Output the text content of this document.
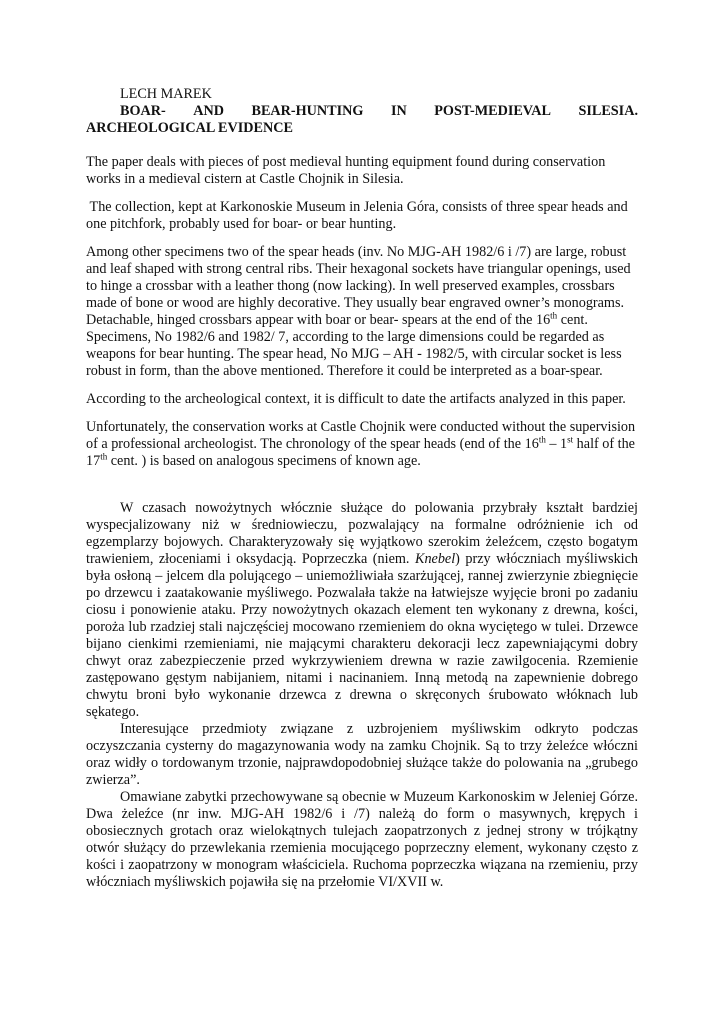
LECH MAREK

BOAR- AND BEAR-HUNTING IN POST-MEDIEVAL SILESIA.

ARCHEOLOGICAL EVIDENCE

The paper deals with pieces of post medieval hunting equipment found during conservation works in a medieval cistern at Castle Chojnik in Silesia.

The collection, kept at Karkonoskie Museum in Jelenia Góra, consists of three spear heads and one pitchfork, probably used for boar- or bear hunting.

Among other specimens two of the spear heads (inv. No MJG-AH 1982/6 i /7) are large, robust and leaf shaped with strong central ribs. Their hexagonal sockets have triangular openings, used to hinge a crossbar with a leather thong (now lacking). In well preserved examples, crossbars made of bone or wood are highly decorative. They usually bear engraved owner’s monograms. Detachable, hinged crossbars appear with boar or bear- spears at the end of the 16th cent. Specimens, No 1982/6 and 1982/ 7, according to the large dimensions could be regarded as weapons for bear hunting. The spear head, No MJG – AH - 1982/5, with circular socket is less robust in form, than the above mentioned. Therefore it could be interpreted as a boar-spear.

According to the archeological context, it is difficult to date the artifacts analyzed in this paper.

Unfortunately, the conservation works at Castle Chojnik were conducted without the supervision of a professional archeologist. The chronology of the spear heads (end of the 16th – 1st half of the 17th cent. ) is based on analogous specimens of known age.

W czasach nowożytnych włócznie służące do polowania przybrały kształt bardziej wyspecjalizowany niż w średniowieczu, pozwalający na formalne odróżnienie ich od egzemplarzy bojowych. Charakteryzowały się wyjątkowo szerokim żeleźcem, często bogatym trawieniem, złoceniami i oksydacją. Poprzeczka (niem. Knebel) przy włóczniach myśliwskich była osłoną – jelcem dla polującego – uniemożliwiała szarżującej, rannej zwierzynie zbiegnięcie po drzewcu i zaatakowanie myśliwego. Pozwalała także na łatwiejsze wyjęcie broni po zadaniu ciosu i ponowienie ataku. Przy nowożytnych okazach element ten wykonany z drewna, kości, poroża lub rzadziej stali najczęściej mocowano rzemieniem do okna wyciętego w tulei. Drzewce bijano cienkimi rzemieniami, nie mającymi charakteru dekoracji lecz zapewniającymi dobry chwyt oraz zabezpieczenie przed wykrzywieniem drewna w razie zawilgocenia. Rzemienie zastępowano gęstym nabijaniem, nitami i nacinaniem. Inną metodą na zapewnienie dobrego chwytu broni było wykonanie drzewca z drewna o skręconych śrubowato włóknach lub sękatego.

Interesujące przedmioty związane z uzbrojeniem myśliwskim odkryto podczas oczyszczania cysterny do magazynowania wody na zamku Chojnik. Są to trzy żeleźce włóczni oraz widły o tordowanym trzonie, najprawdopodobniej służące także do polowania na „grubego zwierza”.

Omawiane zabytki przechowywane są obecnie w Muzeum Karkonoskim w Jeleniej Górze. Dwa żeleźce (nr inw. MJG-AH 1982/6 i /7) należą do form o masywnych, krępych i obosiecznych grotach oraz wielokątnych tulejach zaopatrzonych z jednej strony w trójkątny otwór służący do przewlekania rzemienia mocującego poprzeczny element, wykonany często z kości i zaopatrzony w monogram właściciela. Ruchoma poprzeczka wiązana na rzemieniu, przy włóczniach myśliwskich pojawiła się na przełomie VI/XVII w.
